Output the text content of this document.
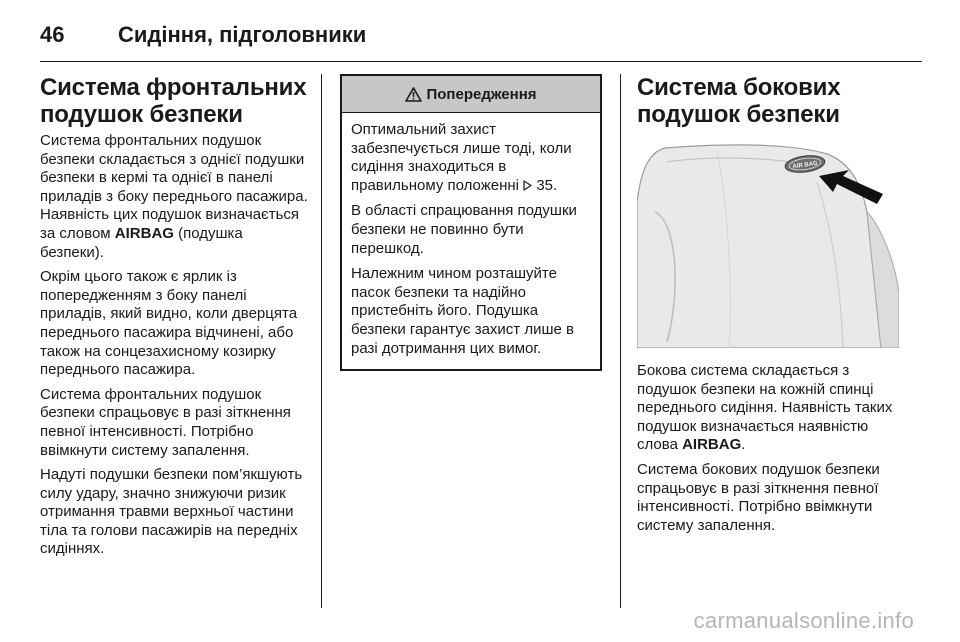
46 Сидіння, підголовники
Система фронтальних подушок безпеки

Система фронтальних подушок безпеки складається з однієї подушки безпеки в кермі та однієї в панелі приладів з боку переднього пасажира. Наявність цих подушок визначається за словом AIRBAG (подушка безпеки).

Окрім цього також є ярлик із попередженням з боку панелі приладів, який видно, коли дверцята переднього пасажира відчинені, або також на сонцезахисному козирку переднього пасажира.

Система фронтальних подушок безпеки спрацьовує в разі зіткнення певної інтенсивності. Потрібно ввімкнути систему запалення.

Надуті подушки безпеки пом’якшують силу удару, значно знижуючи ризик отримання травми верхньої частини тіла та голови пасажирів на передніх сидіннях.

Попередження

Оптимальний захист забезпечується лише тоді, коли сидіння знаходиться в правильному положенні  35.

В області спрацювання подушки безпеки не повинно бути перешкод.

Належним чином розташуйте пасок безпеки та надійно пристебніть його. Подушка безпеки гарантує захист лише в разі дотримання цих вимог.

Система бокових подушок безпеки
AIR BAG

Бокова система складається з подушок безпеки на кожній спинці переднього сидіння. Наявність таких подушок визначається наявністю слова AIRBAG.

Система бокових подушок безпеки спрацьовує в разі зіткнення певної інтенсивності. Потрібно ввімкнути систему запалення.

carmanualsonline.info
